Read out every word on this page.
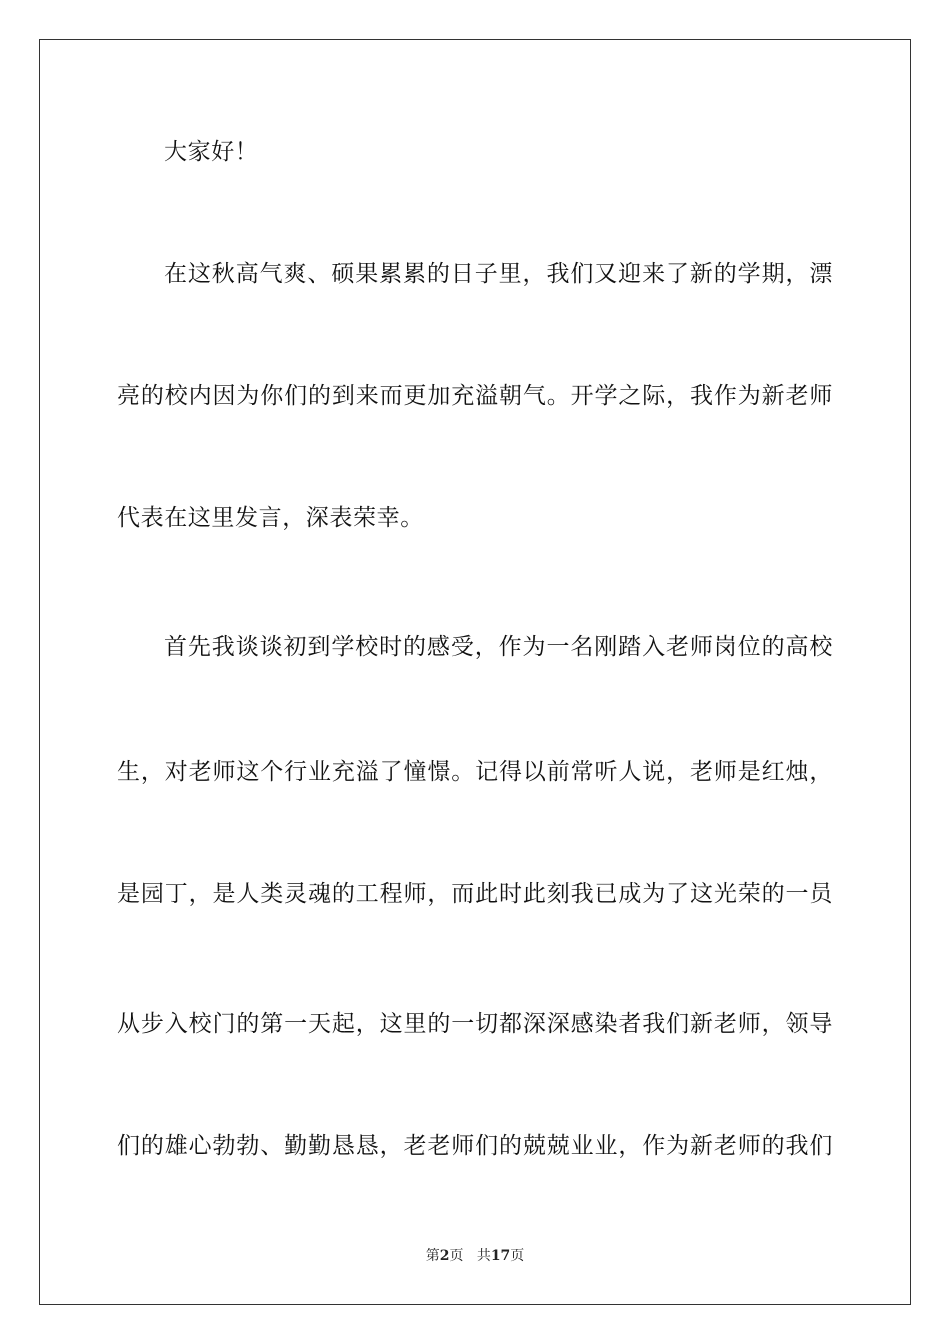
大家好！
在这秋高气爽、硕果累累的日子里，我们又迎来了新的学期，漂
亮的校内因为你们的到来而更加充溢朝气。开学之际，我作为新老师
代表在这里发言，深表荣幸。
首先我谈谈初到学校时的感受，作为一名刚踏入老师岗位的高校
生，对老师这个行业充溢了憧憬。记得以前常听人说，老师是红烛，
是园丁，是人类灵魂的工程师，而此时此刻我已成为了这光荣的一员
从步入校门的第一天起，这里的一切都深深感染者我们新老师，领导
们的雄心勃勃、勤勤恳恳，老老师们的兢兢业业，作为新老师的我们
第2页 共17页
